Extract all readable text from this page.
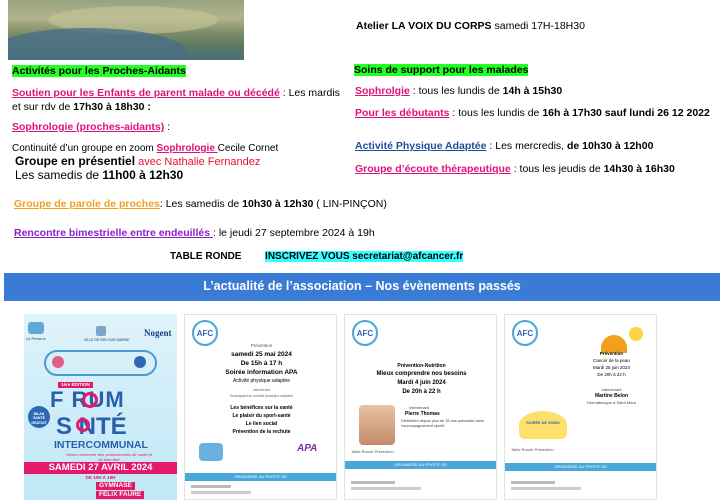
Atelier LA VOIX DU CORPS samedi 17H-18H30
Activités pour les Proches-Aidants
Soutien pour les Enfants de parent malade ou décédé : Les mardis et sur rdv de 17h30 à 18h30 :
Sophrologie (proches-aidants) :
Continuité d’un groupe en zoom Sophrologie Cecile Cornet
Groupe en présentiel avec Nathalie Fernandez
Les samedis de 11h00 à 12h30
Soins de support pour les malades
Sophrolgie : tous les lundis de 14h à 15h30
Pour les débutants : tous les lundis de 16h à 17h30 sauf lundi 26 12 2022
Activité Physique Adaptée : Les mercredis, de 10h30 à 12h00
Groupe d’écoute thérapeutique : tous les jeudis de 14h30 à 16h30
Groupe de parole de proches: Les samedis de 10h30 à 12h30 ( LIN-PINÇON)
Rencontre bimestrielle entre endeuillés : le jeudi 27 septembre 2024 à 19h
TABLE RONDE INSCRIVEZ VOUS secretariat@afcancer.fr
L’actualité de l’association – Nos évènements passés
Le Perreux	VILLE DE BRY-SUR-MARNE
Nogent
1ère ÉDITION
F RUM
S NTÉ
INTERCOMMUNAL
Venez rencontrer des professionnels de santé et du bien-être
BILAN SANTÉ GRATUIT
SAMEDI 27 AVRIL 2024
DE 10H À 18H
GYMNASE
FÉLIX FAURE
AFC
Prévention
samedi 25 mai 2024
De 15h à 17 h
Soirée information APA
Activité physique adaptée
Intervenant
Enseignant en activité physique adaptée
Les bénéfices sur la santé
Le plaisir du sport-santé
Le lien social
Prévention de la rechute
APA
ORGANISÉE AU PROFIT DE
AFC
Prévention-Nutrition
Mieux comprendre nos besoins
Mardi 4 juin 2024
De 20h à 22 h
Intervenant
Pierre Thomas
Diététicien depuis plus de 15 ans spécialisé dans l’accompagnement sportif
Table Ronde Prévention
ORGANISÉE AU PROFIT DE
AFC
Prévention
Cancer de la peau
Mardi 25 juin 2024
De 20h à 22 h
Intervenant
Martine Belon
Dermatologue à Saint-Maur
SOIRÉE DE SOINS
Table Ronde Prévention
ORGANISÉE AU PROFIT DE
